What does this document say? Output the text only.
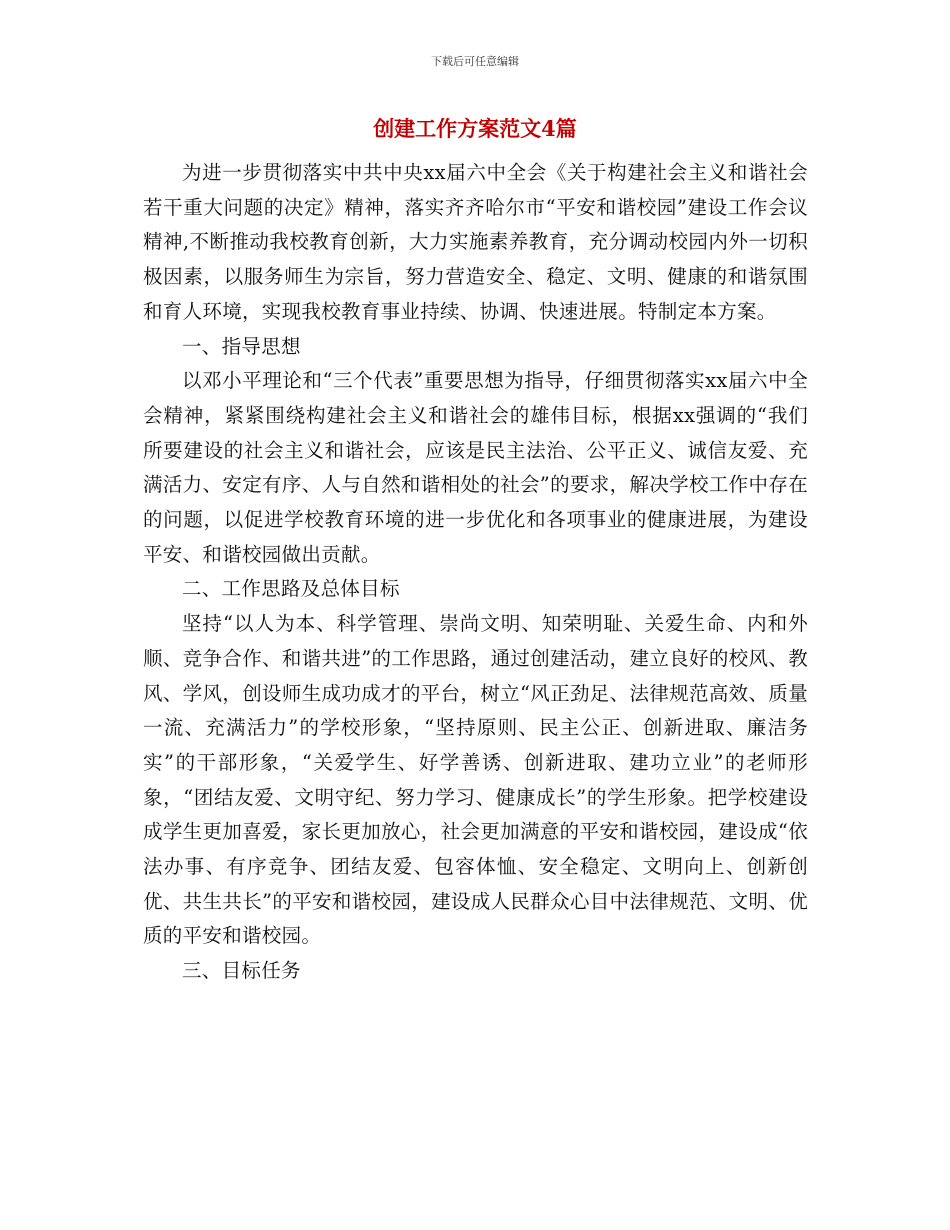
下载后可任意编辑
创建工作方案范文4篇

为进一步贯彻落实中共中央xx届六中全会《关于构建社会主义和谐社会若干重大问题的决定》精神，落实齐齐哈尔市“平安和谐校园”建设工作会议精神,不断推动我校教育创新，大力实施素养教育，充分调动校园内外一切积极因素，以服务师生为宗旨，努力营造安全、稳定、文明、健康的和谐氛围和育人环境，实现我校教育事业持续、协调、快速进展。特制定本方案。

一、指导思想

以邓小平理论和“三个代表”重要思想为指导，仔细贯彻落实xx届六中全会精神，紧紧围绕构建社会主义和谐社会的雄伟目标，根据xx强调的“我们所要建设的社会主义和谐社会，应该是民主法治、公平正义、诚信友爱、充满活力、安定有序、人与自然和谐相处的社会”的要求，解决学校工作中存在的问题，以促进学校教育环境的进一步优化和各项事业的健康进展，为建设平安、和谐校园做出贡献。

二、工作思路及总体目标

坚持“以人为本、科学管理、崇尚文明、知荣明耻、关爱生命、内和外顺、竞争合作、和谐共进”的工作思路，通过创建活动，建立良好的校风、教风、学风，创设师生成功成才的平台，树立“风正劲足、法律规范高效、质量一流、充满活力”的学校形象，“坚持原则、民主公正、创新进取、廉洁务实”的干部形象，“关爱学生、好学善诱、创新进取、建功立业”的老师形象，“团结友爱、文明守纪、努力学习、健康成长”的学生形象。把学校建设成学生更加喜爱，家长更加放心，社会更加满意的平安和谐校园，建设成“依法办事、有序竞争、团结友爱、包容体恤、安全稳定、文明向上、创新创优、共生共长”的平安和谐校园，建设成人民群众心目中法律规范、文明、优质的平安和谐校园。

三、目标任务
